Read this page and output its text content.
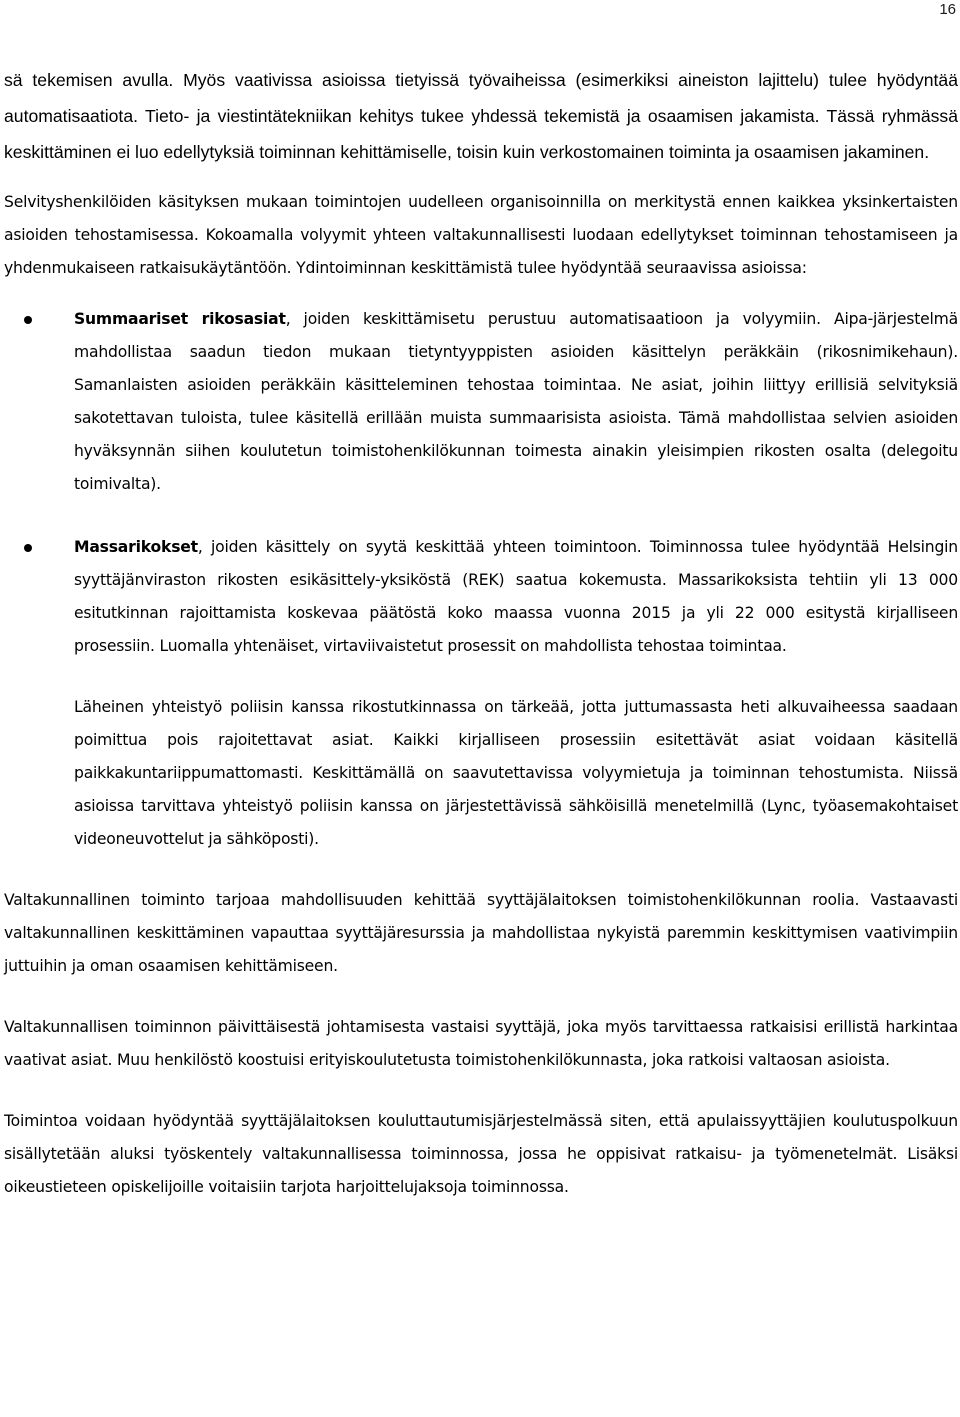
16

sä tekemisen avulla. Myös vaativissa asioissa tietyissä työvaiheissa (esimerkiksi aineiston lajittelu) tulee hyödyntää automatisaatiota. Tieto- ja viestintätekniikan kehitys tukee yhdessä tekemistä ja osaamisen jakamista. Tässä ryhmässä keskittäminen ei luo edellytyksiä toiminnan kehittämiselle, toisin kuin verkostomainen toiminta ja osaamisen jakaminen.

Selvityshenkilöiden käsityksen mukaan toimintojen uudelleen organisoinnilla on merkitystä ennen kaikkea yksinkertaisten asioiden tehostamisessa. Kokoamalla volyymit yhteen valtakunnallisesti luodaan edellytykset toiminnan tehostamiseen ja yhdenmukaiseen ratkaisukäytäntöön. Ydintoiminnan keskittämistä tulee hyödyntää seuraavissa asioissa:

Summaariset rikosasiat, joiden keskittämisetu perustuu automatisaatioon ja volyymiin. Aipa-järjestelmä mahdollistaa saadun tiedon mukaan tietyntyyppisten asioiden käsittelyn peräkkäin (rikosnimikehaun). Samanlaisten asioiden peräkkäin käsitteleminen tehostaa toimintaa. Ne asiat, joihin liittyy erillisiä selvityksiä sakotettavan tuloista, tulee käsitellä erillään muista summaarisista asioista. Tämä mahdollistaa selvien asioiden hyväksynnän siihen koulutetun toimistohenkilökunnan toimesta ainakin yleisimpien rikosten osalta (delegoitu toimivalta).

Massarikokset, joiden käsittely on syytä keskittää yhteen toimintoon. Toiminnossa tulee hyödyntää Helsingin syyttäjänviraston rikosten esikäsittely-yksiköstä (REK) saatua kokemusta. Massarikoksista tehtiin yli 13 000 esitutkinnan rajoittamista koskevaa päätöstä koko maassa vuonna 2015 ja yli 22 000 esitystä kirjalliseen prosessiin. Luomalla yhtenäiset, virtaviivaistetut prosessit on mahdollista tehostaa toimintaa.

Läheinen yhteistyö poliisin kanssa rikostutkinnassa on tärkeää, jotta juttumassasta heti alkuvaiheessa saadaan poimittua pois rajoitettavat asiat. Kaikki kirjalliseen prosessiin esitettävät asiat voidaan käsitellä paikkakuntariippumattomasti. Keskittämällä on saavutettavissa volyymietuja ja toiminnan tehostumista. Niissä asioissa tarvittava yhteistyö poliisin kanssa on järjestettävissä sähköisillä menetelmillä (Lync, työasemakohtaiset videoneuvottelut ja sähköposti).

Valtakunnallinen toiminto tarjoaa mahdollisuuden kehittää syyttäjälaitoksen toimistohenkilökunnan roolia. Vastaavasti valtakunnallinen keskittäminen vapauttaa syyttäjäresurssia ja mahdollistaa nykyistä paremmin keskittymisen vaativimpiin juttuihin ja oman osaamisen kehittämiseen.

Valtakunnallisen toiminnon päivittäisestä johtamisesta vastaisi syyttäjä, joka myös tarvittaessa ratkaisisi erillistä harkintaa vaativat asiat. Muu henkilöstö koostuisi erityiskoulutetusta toimistohenkilökunnasta, joka ratkoisi valtaosan asioista.

Toimintoa voidaan hyödyntää syyttäjälaitoksen kouluttautumisjärjestelmässä siten, että apulaissyyttäjien koulutuspolkuun sisällytetään aluksi työskentely valtakunnallisessa toiminnossa, jossa he oppisivat ratkaisu- ja työmenetelmät. Lisäksi oikeustieteen opiskelijoille voitaisiin tarjota harjoittelujaksoja toiminnossa.
